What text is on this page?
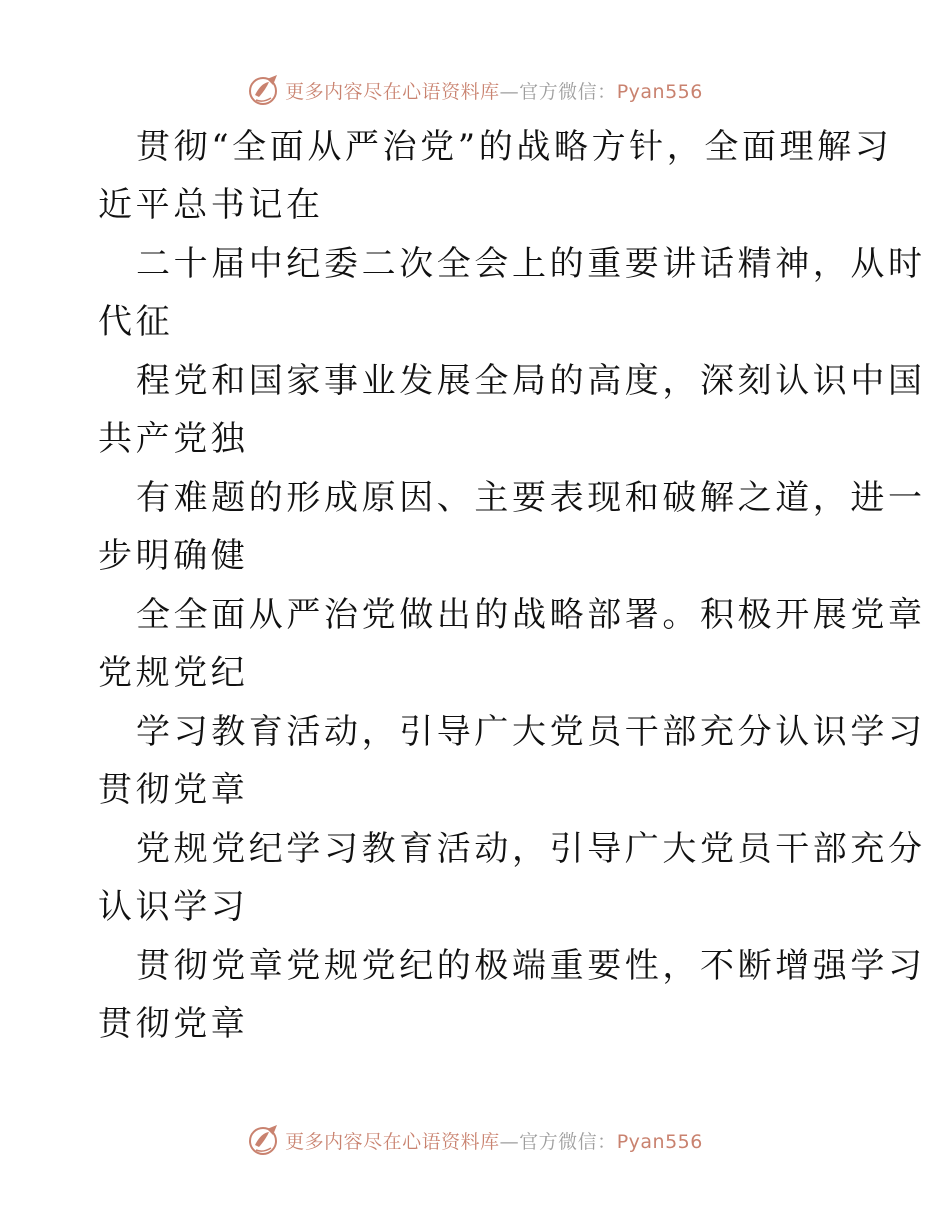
更多内容尽在心语资料库—官方微信：Pyan556
贯彻“全面从严治党”的战略方针，全面理解习
近平总书记在
二十届中纪委二次全会上的重要讲话精神，从时
代征
程党和国家事业发展全局的高度，深刻认识中国
共产党独
有难题的形成原因、主要表现和破解之道，进一
步明确健
全全面从严治党做出的战略部署。积极开展党章
党规党纪
学习教育活动，引导广大党员干部充分认识学习
贯彻党章
党规党纪学习教育活动，引导广大党员干部充分
认识学习
贯彻党章党规党纪的极端重要性，不断增强学习
贯彻党章
更多内容尽在心语资料库—官方微信：Pyan556
